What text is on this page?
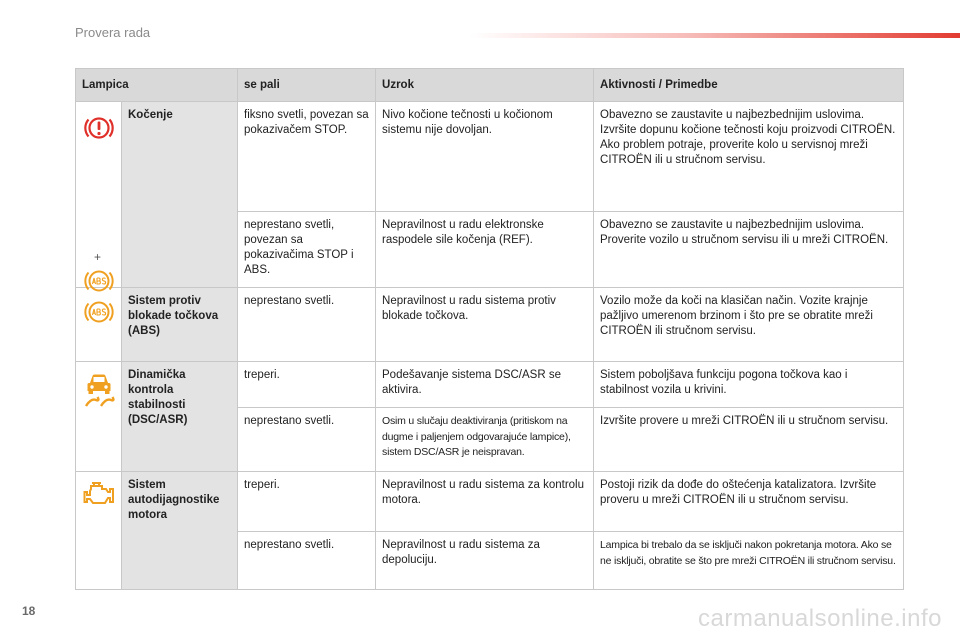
Provera rada
Lampica		se pali	Uzrok	Aktivnosti / Primedbe

+	Kočenje	fiksno svetli, povezan sa pokazivačem STOP.	Nivo kočione tečnosti u kočionom sistemu nije dovoljan.	Obavezno se zaustavite u najbezbednijim uslovima. Izvršite dopunu kočione tečnosti koju proizvodi CITROËN. Ako problem potraje, proverite kolo u servisnoj mreži CITROËN ili u stručnom servisu.
		neprestano svetli, povezan sa pokazivačima STOP i ABS.	Nepravilnost u radu elektronske raspodele sile kočenja (REF).	Obavezno se zaustavite u najbezbednijim uslovima. Proverite vozilo u stručnom servisu ili u mreži CITROËN.

	Sistem protiv blokade točkova (ABS)	neprestano svetli.	Nepravilnost u radu sistema protiv blokade točkova.	Vozilo može da koči na klasičan način. Vozite krajnje pažljivo umerenom brzinom i što pre se obratite mreži CITROËN ili stručnom servisu.

	Dinamička kontrola stabilnosti (DSC/ASR)	treperi.	Podešavanje sistema DSC/ASR se aktivira.	Sistem poboljšava funkciju pogona točkova kao i stabilnost vozila u krivini.
		neprestano svetli.	Osim u slučaju deaktiviranja (pritiskom na dugme i paljenjem odgovarajuće lampice), sistem DSC/ASR je neispravan.	Izvršite provere u mreži CITROËN ili u stručnom servisu.

	Sistem autodijagnostike motora	treperi.	Nepravilnost u radu sistema za kontrolu motora.	Postoji rizik da dođe do oštećenja katalizatora. Izvršite proveru u mreži CITROËN ili u stručnom servisu.
		neprestano svetli.	Nepravilnost u radu sistema za depoluciju.	Lampica bi trebalo da se isključi nakon pokretanja motora. Ako se ne isključi, obratite se što pre mreži CITROËN ili stručnom servisu.
18	carmanualsonline.info
